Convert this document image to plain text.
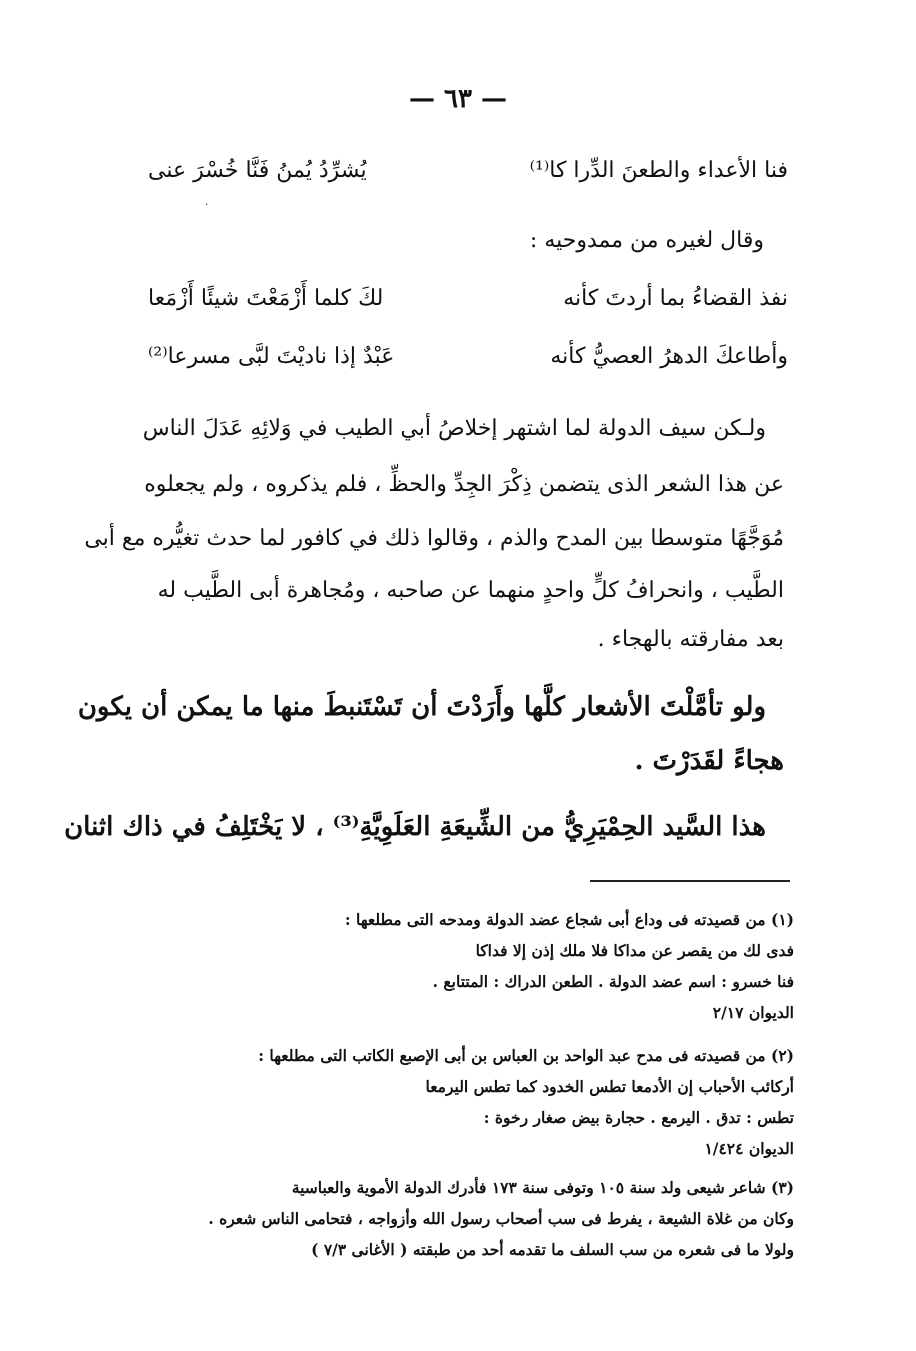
— ٦٣ —
فنا الأعداء والطعنَ الدِّرا كا⁽¹⁾
يُشرِّدُ يُمنُ فَنَّا خُسْرَ عنى
وقال لغيره من ممدوحيه :
نفذ القضاءُ بما أردتَ كأنه
لكَ كلما أَزْمَعْتَ شيئًا أَزْمَعا
وأطاعكَ الدهرُ العصيُّ كأنه
عَبْدٌ إذا ناديْتَ لبَّى مسرعا⁽²⁾
·
ولـكن سيف الدولة لما اشتهر إخلاصُ أبي الطيب في وَلائِهِ عَدَلَ الناس
عن هذا الشعر الذى يتضمن ذِكْرَ الجِدِّ والحظِّ ، فلم يذكروه ، ولم يجعلوه
مُوَجَّهًا متوسطا بين المدح والذم ، وقالوا ذلك في كافور لما حدث تغيُّره مع أبى
الطَّيب ، وانحرافُ كلٍّ واحدٍ منهما عن صاحبه ، ومُجاهرة أبى الطَّيب له
بعد مفارقته بالهجاء .
ولو تأمَّلْتَ الأشعار كلَّها وأَرَدْتَ أن تَسْتَنبطَ منها ما يمكن أن يكون
هجاءً لقَدَرْتَ .
هذا السَّيد الحِمْيَرِيُّ من الشِّيعَةِ العَلَوِيَّةِ⁽³⁾ ، لا يَخْتَلِفُ في ذاك اثنان
(١) من قصيدته فى وداع أبى شجاع عضد الدولة ومدحه التى مطلعها :
فدى لك من يقصر عن مداكا فلا ملك إذن إلا فداكا
فنا خسرو : اسم عضد الدولة . الطعن الدراك : المتتابع .
الديوان ٢/١٧
(٢) من قصيدته فى مدح عبد الواحد بن العباس بن أبى الإصبع الكاتب التى مطلعها :
أركائب الأحباب إن الأدمعا تطس الخدود كما تطس اليرمعا
تطس : تدق . اليرمع . حجارة بيض صغار رخوة :
الديوان ١/٤٢٤
(٣) شاعر شيعى ولد سنة ١٠٥ وتوفى سنة ١٧٣ فأدرك الدولة الأموية والعباسية
وكان من غلاة الشيعة ، يفرط فى سب أصحاب رسول الله وأزواجه ، فتحامى الناس شعره .
ولولا ما فى شعره من سب السلف ما تقدمه أحد من طبقته ( الأغانى ٧/٣ )
